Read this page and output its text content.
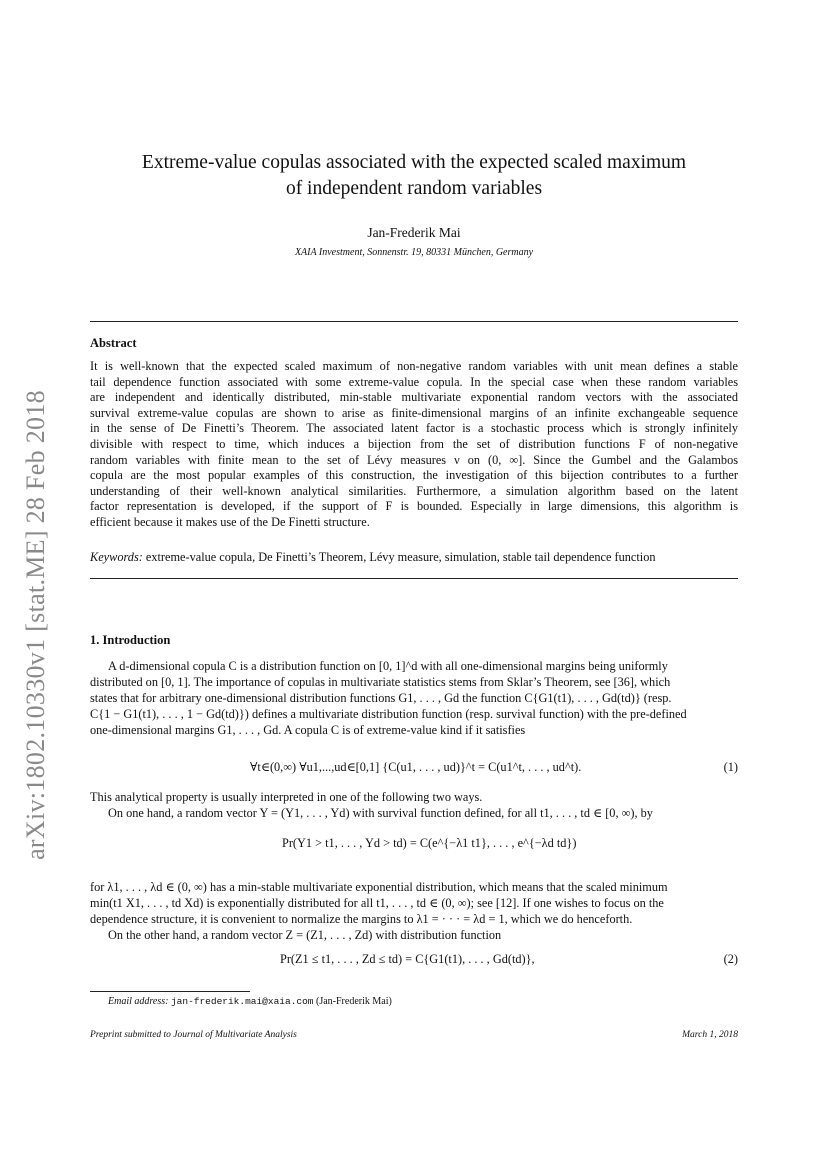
arXiv:1802.10330v1 [stat.ME] 28 Feb 2018
Extreme-value copulas associated with the expected scaled maximum
of independent random variables
Jan-Frederik Mai
XAIA Investment, Sonnenstr. 19, 80331 München, Germany
Abstract
It is well-known that the expected scaled maximum of non-negative random variables with unit mean defines a stable
tail dependence function associated with some extreme-value copula. In the special case when these random variables
are independent and identically distributed, min-stable multivariate exponential random vectors with the associated
survival extreme-value copulas are shown to arise as finite-dimensional margins of an infinite exchangeable sequence
in the sense of De Finetti’s Theorem. The associated latent factor is a stochastic process which is strongly infinitely
divisible with respect to time, which induces a bijection from the set of distribution functions F of non-negative
random variables with finite mean to the set of Lévy measures ν on (0, ∞]. Since the Gumbel and the Galambos
copula are the most popular examples of this construction, the investigation of this bijection contributes to a further
understanding of their well-known analytical similarities. Furthermore, a simulation algorithm based on the latent
factor representation is developed, if the support of F is bounded. Especially in large dimensions, this algorithm is
efficient because it makes use of the De Finetti structure.
Keywords: extreme-value copula, De Finetti’s Theorem, Lévy measure, simulation, stable tail dependence function
1. Introduction
A d-dimensional copula C is a distribution function on [0, 1]^d with all one-dimensional margins being uniformly
distributed on [0, 1]. The importance of copulas in multivariate statistics stems from Sklar’s Theorem, see [36], which
states that for arbitrary one-dimensional distribution functions G1, . . . , Gd the function C{G1(t1), . . . , Gd(td)} (resp.
C{1 − G1(t1), . . . , 1 − Gd(td)}) defines a multivariate distribution function (resp. survival function) with the pre-defined
one-dimensional margins G1, . . . , Gd. A copula C is of extreme-value kind if it satisfies
∀t∈(0,∞) ∀u1,...,ud∈[0,1] {C(u1, . . . , ud)}^t = C(u1^t, . . . , ud^t).	(1)
This analytical property is usually interpreted in one of the following two ways.
On one hand, a random vector Y = (Y1, . . . , Yd) with survival function defined, for all t1, . . . , td ∈ [0, ∞), by
Pr(Y1 > t1, . . . , Yd > td) = C(e^{−λ1 t1}, . . . , e^{−λd td})
for λ1, . . . , λd ∈ (0, ∞) has a min-stable multivariate exponential distribution, which means that the scaled minimum
min(t1 X1, . . . , td Xd) is exponentially distributed for all t1, . . . , td ∈ (0, ∞); see [12]. If one wishes to focus on the
dependence structure, it is convenient to normalize the margins to λ1 = · · · = λd = 1, which we do henceforth.
On the other hand, a random vector Z = (Z1, . . . , Zd) with distribution function
Pr(Z1 ≤ t1, . . . , Zd ≤ td) = C{G1(t1), . . . , Gd(td)},	(2)
Email address: jan-frederik.mai@xaia.com (Jan-Frederik Mai)
Preprint submitted to Journal of Multivariate Analysis	March 1, 2018
